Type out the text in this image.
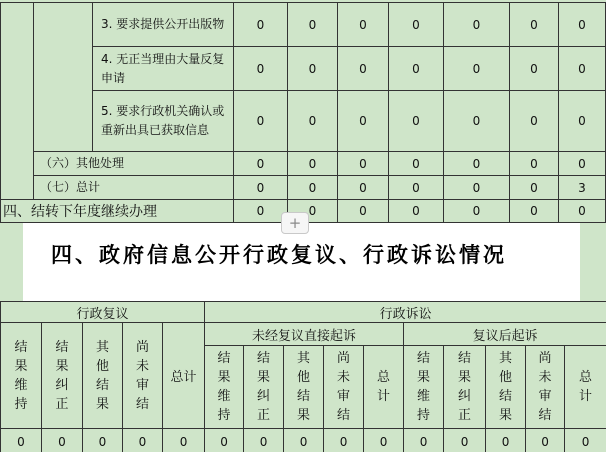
		3. 要求提供公开出版物	0	0	0	0	0	0	0
		4. 无正当理由大量反复申请	0	0	0	0	0	0	0
		5. 要求行政机关确认或重新出具已获取信息	0	0	0	0	0	0	0
	（六）其他处理		0	0	0	0	0	0	0
	（七）总计		0	0	0	0	0	0	3
四、结转下年度继续办理			0	0	0	0	0	0	0
+
四、政府信息公开行政复议、行政诉讼情况
行政复议					行政诉讼									
结果维持	结果纠正	其他结果	尚未审结	总计	未经复议直接起诉					复议后起诉				
					结果维持	结果纠正	其他结果	尚未审结	总计	结果维持	结果纠正	其他结果	尚未审结	总计
0	0	0	0	0	0	0	0	0	0	0	0	0	0	0
